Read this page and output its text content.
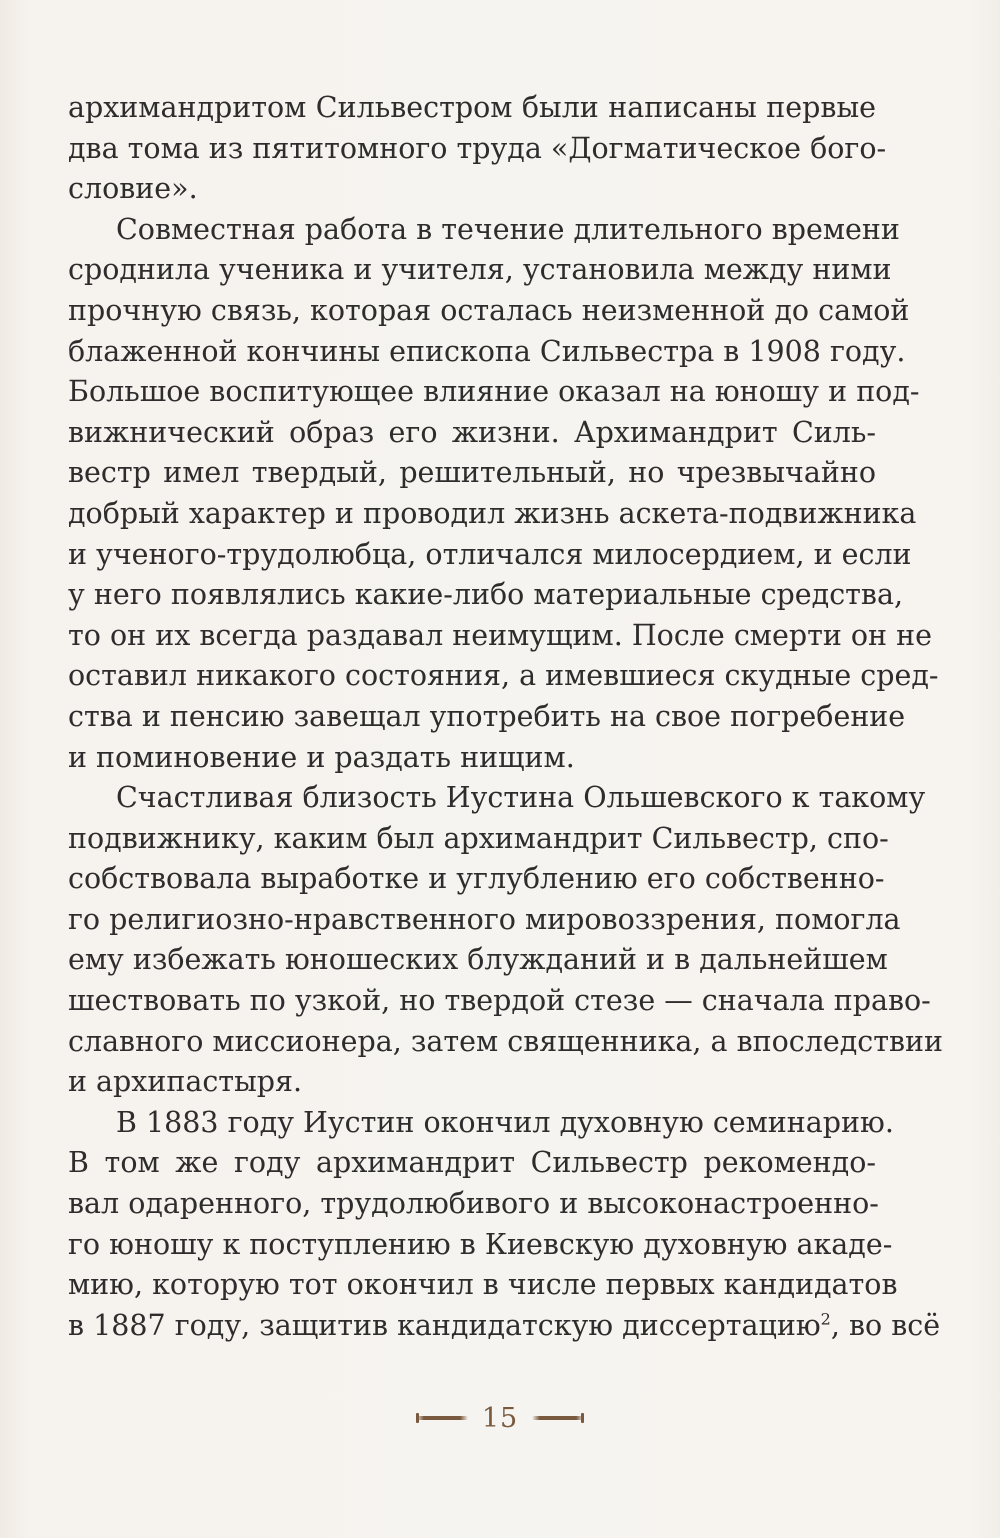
архимандритом Сильвестром были написаны первые
два тома из пятитомного труда «Догматическое бого-
словие».
Совместная работа в течение длительного времени
сроднила ученика и учителя, установила между ними
прочную связь, которая осталась неизменной до самой
блаженной кончины епископа Сильвестра в 1908 году.
Большое воспитующее влияние оказал на юношу и под-
вижнический образ его жизни. Архимандрит Силь-
вестр имел твердый, решительный, но чрезвычайно
добрый характер и проводил жизнь аскета-подвижника
и ученого-трудолюбца, отличался милосердием, и если
у него появлялись какие-либо материальные средства,
то он их всегда раздавал неимущим. После смерти он не
оставил никакого состояния, а имевшиеся скудные сред-
ства и пенсию завещал употребить на свое погребение
и поминовение и раздать нищим.
Счастливая близость Иустина Ольшевского к такому
подвижнику, каким был архимандрит Сильвестр, спо-
собствовала выработке и углублению его собственно-
го религиозно-нравственного мировоззрения, помогла
ему избежать юношеских блужданий и в дальнейшем
шествовать по узкой, но твердой стезе — сначала право-
славного миссионера, затем священника, а впоследствии
и архипастыря.
В 1883 году Иустин окончил духовную семинарию.
В том же году архимандрит Сильвестр рекомендо-
вал одаренного, трудолюбивого и высоконастроенно-
го юношу к поступлению в Киевскую духовную акаде-
мию, которую тот окончил в числе первых кандидатов
в 1887 году, защитив кандидатскую диссертацию$^2$, во всё
15
